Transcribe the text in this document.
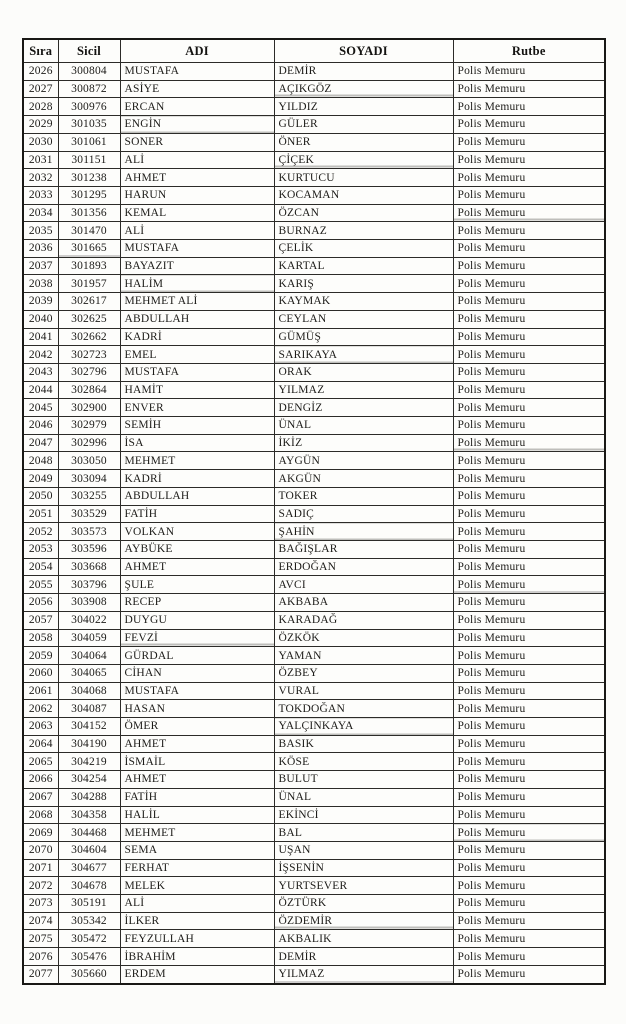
Sıra	Sicil	ADI	SOYADI	Rutbe
2026	300804	MUSTAFA	DEMİR	Polis Memuru
2027	300872	ASİYE	AÇIKGÖZ	Polis Memuru
2028	300976	ERCAN	YILDIZ	Polis Memuru
2029	301035	ENGİN	GÜLER	Polis Memuru
2030	301061	SONER	ÖNER	Polis Memuru
2031	301151	ALİ	ÇİÇEK	Polis Memuru
2032	301238	AHMET	KURTUCU	Polis Memuru
2033	301295	HARUN	KOCAMAN	Polis Memuru
2034	301356	KEMAL	ÖZCAN	Polis Memuru
2035	301470	ALİ	BURNAZ	Polis Memuru
2036	301665	MUSTAFA	ÇELİK	Polis Memuru
2037	301893	BAYAZIT	KARTAL	Polis Memuru
2038	301957	HALİM	KARIŞ	Polis Memuru
2039	302617	MEHMET ALİ	KAYMAK	Polis Memuru
2040	302625	ABDULLAH	CEYLAN	Polis Memuru
2041	302662	KADRİ	GÜMÜŞ	Polis Memuru
2042	302723	EMEL	SARIKAYA	Polis Memuru
2043	302796	MUSTAFA	ORAK	Polis Memuru
2044	302864	HAMİT	YILMAZ	Polis Memuru
2045	302900	ENVER	DENGİZ	Polis Memuru
2046	302979	SEMİH	ÜNAL	Polis Memuru
2047	302996	İSA	İKİZ	Polis Memuru
2048	303050	MEHMET	AYGÜN	Polis Memuru
2049	303094	KADRİ	AKGÜN	Polis Memuru
2050	303255	ABDULLAH	TOKER	Polis Memuru
2051	303529	FATİH	SADIÇ	Polis Memuru
2052	303573	VOLKAN	ŞAHİN	Polis Memuru
2053	303596	AYBÜKE	BAĞIŞLAR	Polis Memuru
2054	303668	AHMET	ERDOĞAN	Polis Memuru
2055	303796	ŞULE	AVCI	Polis Memuru
2056	303908	RECEP	AKBABA	Polis Memuru
2057	304022	DUYGU	KARADAĞ	Polis Memuru
2058	304059	FEVZİ	ÖZKÖK	Polis Memuru
2059	304064	GÜRDAL	YAMAN	Polis Memuru
2060	304065	CİHAN	ÖZBEY	Polis Memuru
2061	304068	MUSTAFA	VURAL	Polis Memuru
2062	304087	HASAN	TOKDOĞAN	Polis Memuru
2063	304152	ÖMER	YALÇINKAYA	Polis Memuru
2064	304190	AHMET	BASIK	Polis Memuru
2065	304219	İSMAİL	KÖSE	Polis Memuru
2066	304254	AHMET	BULUT	Polis Memuru
2067	304288	FATİH	ÜNAL	Polis Memuru
2068	304358	HALİL	EKİNCİ	Polis Memuru
2069	304468	MEHMET	BAL	Polis Memuru
2070	304604	SEMA	UŞAN	Polis Memuru
2071	304677	FERHAT	İŞSENİN	Polis Memuru
2072	304678	MELEK	YURTSEVER	Polis Memuru
2073	305191	ALİ	ÖZTÜRK	Polis Memuru
2074	305342	İLKER	ÖZDEMİR	Polis Memuru
2075	305472	FEYZULLAH	AKBALIK	Polis Memuru
2076	305476	İBRAHİM	DEMİR	Polis Memuru
2077	305660	ERDEM	YILMAZ	Polis Memuru
